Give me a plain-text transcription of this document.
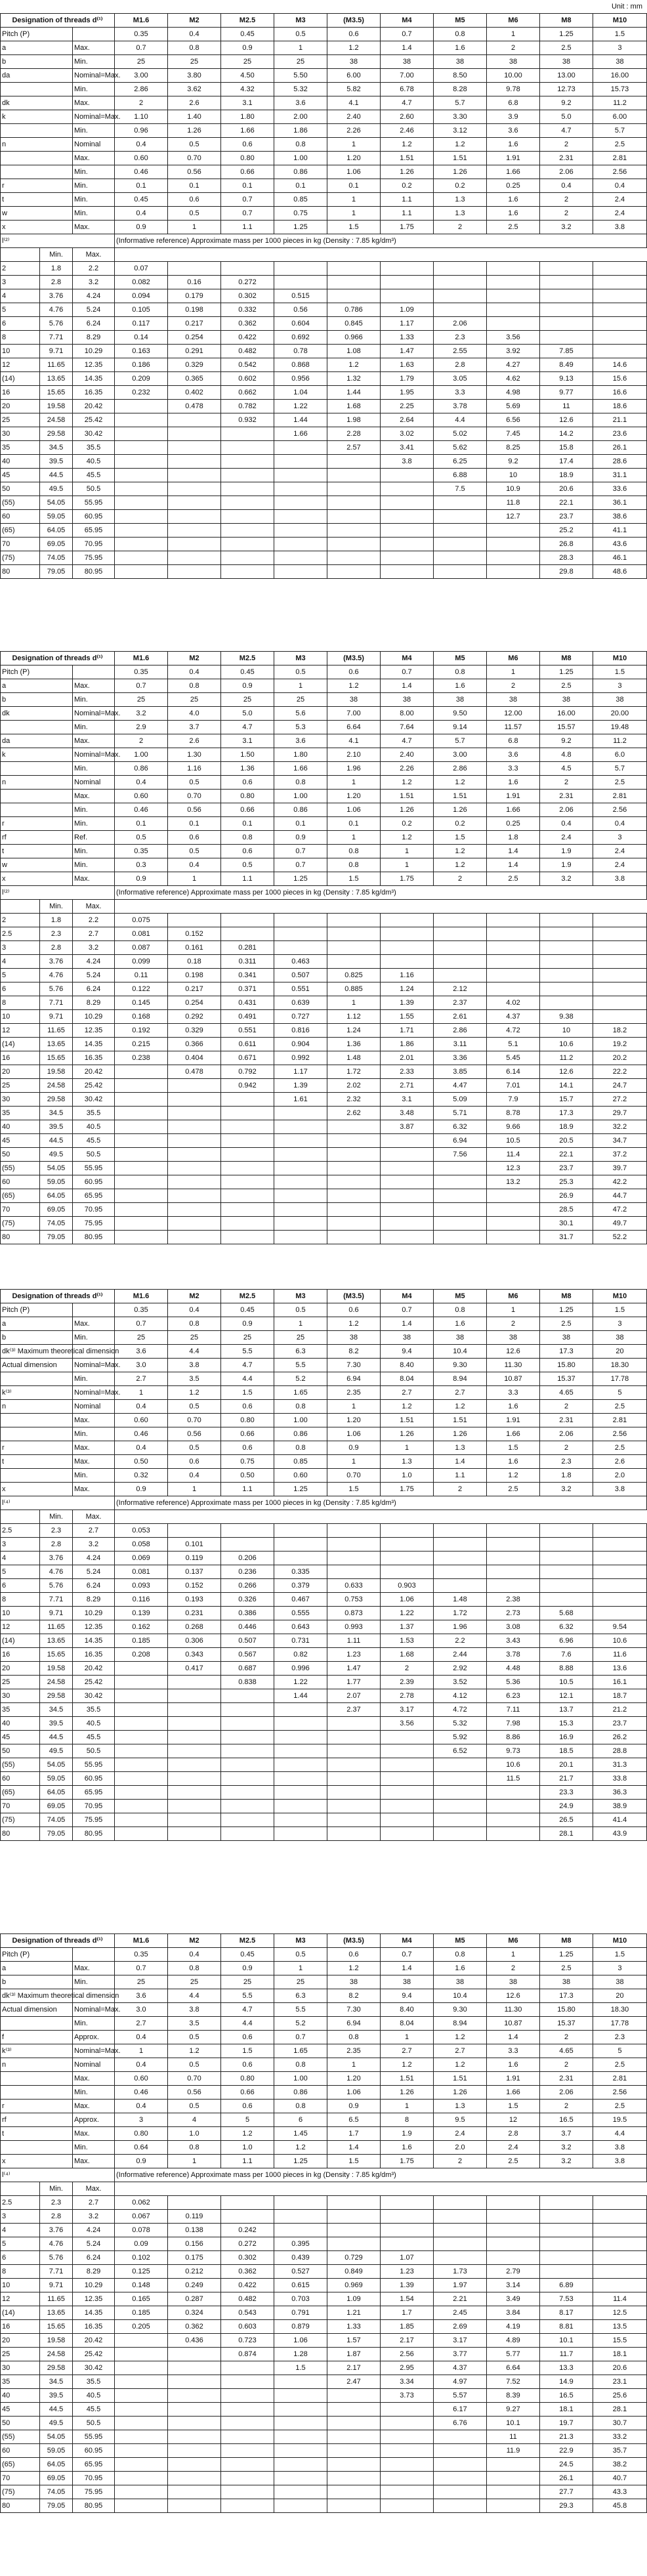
Unit : mm
Designation of threads d⁽¹⁾			M1.6	M2	M2.5	M3	(M3.5)	M4	M5	M6	M8	M10
Pitch (P)			0.35	0.4	0.45	0.5	0.6	0.7	0.8	1	1.25	1.5
a		Max.	0.7	0.8	0.9	1	1.2	1.4	1.6	2	2.5	3
b		Min.	25	25	25	25	38	38	38	38	38	38
da		Nominal=Max.	3.00	3.80	4.50	5.50	6.00	7.00	8.50	10.00	13.00	16.00
		Min.	2.86	3.62	4.32	5.32	5.82	6.78	8.28	9.78	12.73	15.73
dk		Max.	2	2.6	3.1	3.6	4.1	4.7	5.7	6.8	9.2	11.2
k		Nominal=Max.	1.10	1.40	1.80	2.00	2.40	2.60	3.30	3.9	5.0	6.00
		Min.	0.96	1.26	1.66	1.86	2.26	2.46	3.12	3.6	4.7	5.7
n		Nominal	0.4	0.5	0.6	0.8	1	1.2	1.2	1.6	2	2.5
		Max.	0.60	0.70	0.80	1.00	1.20	1.51	1.51	1.91	2.31	2.81
		Min.	0.46	0.56	0.66	0.86	1.06	1.26	1.26	1.66	2.06	2.56
r		Min.	0.1	0.1	0.1	0.1	0.1	0.2	0.2	0.25	0.4	0.4
t		Min.	0.45	0.6	0.7	0.85	1	1.1	1.3	1.6	2	2.4
w		Min.	0.4	0.5	0.7	0.75	1	1.1	1.3	1.6	2	2.4
x		Max.	0.9	1	1.1	1.25	1.5	1.75	2	2.5	3.2	3.8
l⁽²⁾			(Informative reference) Approximate mass per 1000 pieces in kg (Density : 7.85 kg/dm³)									
	Min.	Max.										
2	1.8	2.2	0.07									
3	2.8	3.2	0.082	0.16	0.272							
4	3.76	4.24	0.094	0.179	0.302	0.515						
5	4.76	5.24	0.105	0.198	0.332	0.56	0.786	1.09				
6	5.76	6.24	0.117	0.217	0.362	0.604	0.845	1.17	2.06			
8	7.71	8.29	0.14	0.254	0.422	0.692	0.966	1.33	2.3	3.56		
10	9.71	10.29	0.163	0.291	0.482	0.78	1.08	1.47	2.55	3.92	7.85	
12	11.65	12.35	0.186	0.329	0.542	0.868	1.2	1.63	2.8	4.27	8.49	14.6
(14)	13.65	14.35	0.209	0.365	0.602	0.956	1.32	1.79	3.05	4.62	9.13	15.6
16	15.65	16.35	0.232	0.402	0.662	1.04	1.44	1.95	3.3	4.98	9.77	16.6
20	19.58	20.42		0.478	0.782	1.22	1.68	2.25	3.78	5.69	11	18.6
25	24.58	25.42			0.932	1.44	1.98	2.64	4.4	6.56	12.6	21.1
30	29.58	30.42				1.66	2.28	3.02	5.02	7.45	14.2	23.6
35	34.5	35.5					2.57	3.41	5.62	8.25	15.8	26.1
40	39.5	40.5						3.8	6.25	9.2	17.4	28.6
45	44.5	45.5							6.88	10	18.9	31.1
50	49.5	50.5							7.5	10.9	20.6	33.6
(55)	54.05	55.95								11.8	22.1	36.1
60	59.05	60.95								12.7	23.7	38.6
(65)	64.05	65.95									25.2	41.1
70	69.05	70.95									26.8	43.6
(75)	74.05	75.95									28.3	46.1
80	79.05	80.95									29.8	48.6
Designation of threads d⁽¹⁾			M1.6	M2	M2.5	M3	(M3.5)	M4	M5	M6	M8	M10
Pitch (P)			0.35	0.4	0.45	0.5	0.6	0.7	0.8	1	1.25	1.5
a		Max.	0.7	0.8	0.9	1	1.2	1.4	1.6	2	2.5	3
b		Min.	25	25	25	25	38	38	38	38	38	38
dk		Nominal=Max.	3.2	4.0	5.0	5.6	7.00	8.00	9.50	12.00	16.00	20.00
		Min.	2.9	3.7	4.7	5.3	6.64	7.64	9.14	11.57	15.57	19.48
da		Max.	2	2.6	3.1	3.6	4.1	4.7	5.7	6.8	9.2	11.2
k		Nominal=Max.	1.00	1.30	1.50	1.80	2.10	2.40	3.00	3.6	4.8	6.0
		Min.	0.86	1.16	1.36	1.66	1.96	2.26	2.86	3.3	4.5	5.7
n		Nominal	0.4	0.5	0.6	0.8	1	1.2	1.2	1.6	2	2.5
		Max.	0.60	0.70	0.80	1.00	1.20	1.51	1.51	1.91	2.31	2.81
		Min.	0.46	0.56	0.66	0.86	1.06	1.26	1.26	1.66	2.06	2.56
r		Min.	0.1	0.1	0.1	0.1	0.1	0.2	0.2	0.25	0.4	0.4
rf		Ref.	0.5	0.6	0.8	0.9	1	1.2	1.5	1.8	2.4	3
t		Min.	0.35	0.5	0.6	0.7	0.8	1	1.2	1.4	1.9	2.4
w		Min.	0.3	0.4	0.5	0.7	0.8	1	1.2	1.4	1.9	2.4
x		Max.	0.9	1	1.1	1.25	1.5	1.75	2	2.5	3.2	3.8
l⁽²⁾			(Informative reference) Approximate mass per 1000 pieces in kg (Density : 7.85 kg/dm³)									
	Min.	Max.										
2	1.8	2.2	0.075									
2.5	2.3	2.7	0.081	0.152								
3	2.8	3.2	0.087	0.161	0.281							
4	3.76	4.24	0.099	0.18	0.311	0.463						
5	4.76	5.24	0.11	0.198	0.341	0.507	0.825	1.16				
6	5.76	6.24	0.122	0.217	0.371	0.551	0.885	1.24	2.12			
8	7.71	8.29	0.145	0.254	0.431	0.639	1	1.39	2.37	4.02		
10	9.71	10.29	0.168	0.292	0.491	0.727	1.12	1.55	2.61	4.37	9.38	
12	11.65	12.35	0.192	0.329	0.551	0.816	1.24	1.71	2.86	4.72	10	18.2
(14)	13.65	14.35	0.215	0.366	0.611	0.904	1.36	1.86	3.11	5.1	10.6	19.2
16	15.65	16.35	0.238	0.404	0.671	0.992	1.48	2.01	3.36	5.45	11.2	20.2
20	19.58	20.42		0.478	0.792	1.17	1.72	2.33	3.85	6.14	12.6	22.2
25	24.58	25.42			0.942	1.39	2.02	2.71	4.47	7.01	14.1	24.7
30	29.58	30.42				1.61	2.32	3.1	5.09	7.9	15.7	27.2
35	34.5	35.5					2.62	3.48	5.71	8.78	17.3	29.7
40	39.5	40.5						3.87	6.32	9.66	18.9	32.2
45	44.5	45.5							6.94	10.5	20.5	34.7
50	49.5	50.5							7.56	11.4	22.1	37.2
(55)	54.05	55.95								12.3	23.7	39.7
60	59.05	60.95								13.2	25.3	42.2
(65)	64.05	65.95									26.9	44.7
70	69.05	70.95									28.5	47.2
(75)	74.05	75.95									30.1	49.7
80	79.05	80.95									31.7	52.2
Designation of threads d⁽¹⁾			M1.6	M2	M2.5	M3	(M3.5)	M4	M5	M6	M8	M10
Pitch (P)			0.35	0.4	0.45	0.5	0.6	0.7	0.8	1	1.25	1.5
a		Max.	0.7	0.8	0.9	1	1.2	1.4	1.6	2	2.5	3
b		Min.	25	25	25	25	38	38	38	38	38	38
dk⁽³⁾ Maximum theoretical dimension			3.6	4.4	5.5	6.3	8.2	9.4	10.4	12.6	17.3	20
Actual dimension		Nominal=Max.	3.0	3.8	4.7	5.5	7.30	8.40	9.30	11.30	15.80	18.30
		Min.	2.7	3.5	4.4	5.2	6.94	8.04	8.94	10.87	15.37	17.78
k⁽³⁾		Nominal=Max.	1	1.2	1.5	1.65	2.35	2.7	2.7	3.3	4.65	5
n		Nominal	0.4	0.5	0.6	0.8	1	1.2	1.2	1.6	2	2.5
		Max.	0.60	0.70	0.80	1.00	1.20	1.51	1.51	1.91	2.31	2.81
		Min.	0.46	0.56	0.66	0.86	1.06	1.26	1.26	1.66	2.06	2.56
r		Max.	0.4	0.5	0.6	0.8	0.9	1	1.3	1.5	2	2.5
t		Max.	0.50	0.6	0.75	0.85	1	1.3	1.4	1.6	2.3	2.6
		Min.	0.32	0.4	0.50	0.60	0.70	1.0	1.1	1.2	1.8	2.0
x		Max.	0.9	1	1.1	1.25	1.5	1.75	2	2.5	3.2	3.8
l⁽⁴⁾			(Informative reference) Approximate mass per 1000 pieces in kg (Density : 7.85 kg/dm³)									
	Min.	Max.										
2.5	2.3	2.7	0.053									
3	2.8	3.2	0.058	0.101								
4	3.76	4.24	0.069	0.119	0.206							
5	4.76	5.24	0.081	0.137	0.236	0.335						
6	5.76	6.24	0.093	0.152	0.266	0.379	0.633	0.903				
8	7.71	8.29	0.116	0.193	0.326	0.467	0.753	1.06	1.48	2.38		
10	9.71	10.29	0.139	0.231	0.386	0.555	0.873	1.22	1.72	2.73	5.68	
12	11.65	12.35	0.162	0.268	0.446	0.643	0.993	1.37	1.96	3.08	6.32	9.54
(14)	13.65	14.35	0.185	0.306	0.507	0.731	1.11	1.53	2.2	3.43	6.96	10.6
16	15.65	16.35	0.208	0.343	0.567	0.82	1.23	1.68	2.44	3.78	7.6	11.6
20	19.58	20.42		0.417	0.687	0.996	1.47	2	2.92	4.48	8.88	13.6
25	24.58	25.42			0.838	1.22	1.77	2.39	3.52	5.36	10.5	16.1
30	29.58	30.42				1.44	2.07	2.78	4.12	6.23	12.1	18.7
35	34.5	35.5					2.37	3.17	4.72	7.11	13.7	21.2
40	39.5	40.5						3.56	5.32	7.98	15.3	23.7
45	44.5	45.5							5.92	8.86	16.9	26.2
50	49.5	50.5							6.52	9.73	18.5	28.8
(55)	54.05	55.95								10.6	20.1	31.3
60	59.05	60.95								11.5	21.7	33.8
(65)	64.05	65.95									23.3	36.3
70	69.05	70.95									24.9	38.9
(75)	74.05	75.95									26.5	41.4
80	79.05	80.95									28.1	43.9
Designation of threads d⁽¹⁾			M1.6	M2	M2.5	M3	(M3.5)	M4	M5	M6	M8	M10
Pitch (P)			0.35	0.4	0.45	0.5	0.6	0.7	0.8	1	1.25	1.5
a		Max.	0.7	0.8	0.9	1	1.2	1.4	1.6	2	2.5	3
b		Min.	25	25	25	25	38	38	38	38	38	38
dk⁽³⁾ Maximum theoretical dimension			3.6	4.4	5.5	6.3	8.2	9.4	10.4	12.6	17.3	20
Actual dimension		Nominal=Max.	3.0	3.8	4.7	5.5	7.30	8.40	9.30	11.30	15.80	18.30
		Min.	2.7	3.5	4.4	5.2	6.94	8.04	8.94	10.87	15.37	17.78
f		Approx.	0.4	0.5	0.6	0.7	0.8	1	1.2	1.4	2	2.3
k⁽³⁾		Nominal=Max.	1	1.2	1.5	1.65	2.35	2.7	2.7	3.3	4.65	5
n		Nominal	0.4	0.5	0.6	0.8	1	1.2	1.2	1.6	2	2.5
		Max.	0.60	0.70	0.80	1.00	1.20	1.51	1.51	1.91	2.31	2.81
		Min.	0.46	0.56	0.66	0.86	1.06	1.26	1.26	1.66	2.06	2.56
r		Max.	0.4	0.5	0.6	0.8	0.9	1	1.3	1.5	2	2.5
rf		Approx.	3	4	5	6	6.5	8	9.5	12	16.5	19.5
t		Max.	0.80	1.0	1.2	1.45	1.7	1.9	2.4	2.8	3.7	4.4
		Min.	0.64	0.8	1.0	1.2	1.4	1.6	2.0	2.4	3.2	3.8
x		Max.	0.9	1	1.1	1.25	1.5	1.75	2	2.5	3.2	3.8
l⁽⁴⁾			(Informative reference) Approximate mass per 1000 pieces in kg (Density : 7.85 kg/dm³)									
	Min.	Max.										
2.5	2.3	2.7	0.062									
3	2.8	3.2	0.067	0.119								
4	3.76	4.24	0.078	0.138	0.242							
5	4.76	5.24	0.09	0.156	0.272	0.395						
6	5.76	6.24	0.102	0.175	0.302	0.439	0.729	1.07				
8	7.71	8.29	0.125	0.212	0.362	0.527	0.849	1.23	1.73	2.79		
10	9.71	10.29	0.148	0.249	0.422	0.615	0.969	1.39	1.97	3.14	6.89	
12	11.65	12.35	0.165	0.287	0.482	0.703	1.09	1.54	2.21	3.49	7.53	11.4
(14)	13.65	14.35	0.185	0.324	0.543	0.791	1.21	1.7	2.45	3.84	8.17	12.5
16	15.65	16.35	0.205	0.362	0.603	0.879	1.33	1.85	2.69	4.19	8.81	13.5
20	19.58	20.42		0.436	0.723	1.06	1.57	2.17	3.17	4.89	10.1	15.5
25	24.58	25.42			0.874	1.28	1.87	2.56	3.77	5.77	11.7	18.1
30	29.58	30.42				1.5	2.17	2.95	4.37	6.64	13.3	20.6
35	34.5	35.5					2.47	3.34	4.97	7.52	14.9	23.1
40	39.5	40.5						3.73	5.57	8.39	16.5	25.6
45	44.5	45.5							6.17	9.27	18.1	28.1
50	49.5	50.5							6.76	10.1	19.7	30.7
(55)	54.05	55.95								11	21.3	33.2
60	59.05	60.95								11.9	22.9	35.7
(65)	64.05	65.95									24.5	38.2
70	69.05	70.95									26.1	40.7
(75)	74.05	75.95									27.7	43.3
80	79.05	80.95									29.3	45.8
